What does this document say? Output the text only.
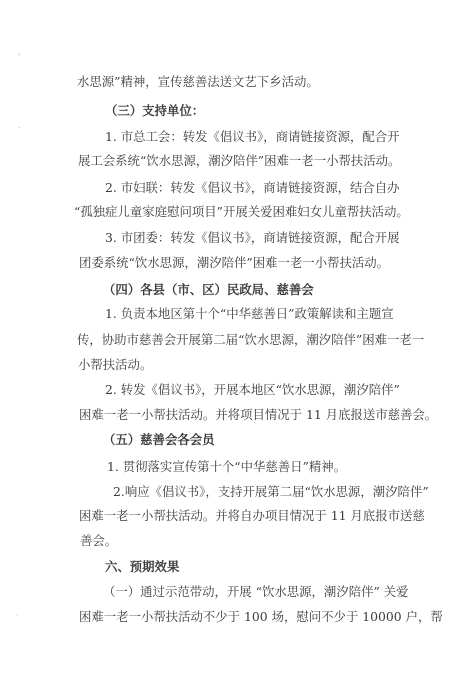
'
.
·
水思源”精神，宣传慈善法送文艺下乡活动。
（三）支持单位：
1. 市总工会：转发《倡议书》，商请链接资源，配合开
展工会系统“饮水思源，潮汐陪伴”困难一老一小帮扶活动。
2. 市妇联：转发《倡议书》，商请链接资源，结合自办
“孤独症儿童家庭慰问项目”开展关爱困难妇女儿童帮扶活动。
3. 市团委：转发《倡议书》，商请链接资源，配合开展
团委系统“饮水思源，潮汐陪伴”困难一老一小帮扶活动。
（四）各县（市、区）民政局、慈善会
1. 负责本地区第十个“中华慈善日”政策解读和主题宣
传，协助市慈善会开展第二届“饮水思源，潮汐陪伴”困难一老一
小帮扶活动。
2. 转发《倡议书》，开展本地区“饮水思源，潮汐陪伴”
困难一老一小帮扶活动。并将项目情况于 11 月底报送市慈善会。
（五）慈善会各会员
1. 贯彻落实宣传第十个“中华慈善日”精神。
2.响应《倡议书》，支持开展第二届“饮水思源，潮汐陪伴”
困难一老一小帮扶活动。并将自办项目情况于 11 月底报市送慈
善会。
六、预期效果
（一）通过示范带动，开展 “饮水思源，潮汐陪伴” 关爱
困难一老一小帮扶活动不少于 100 场，慰问不少于 10000 户，帮
